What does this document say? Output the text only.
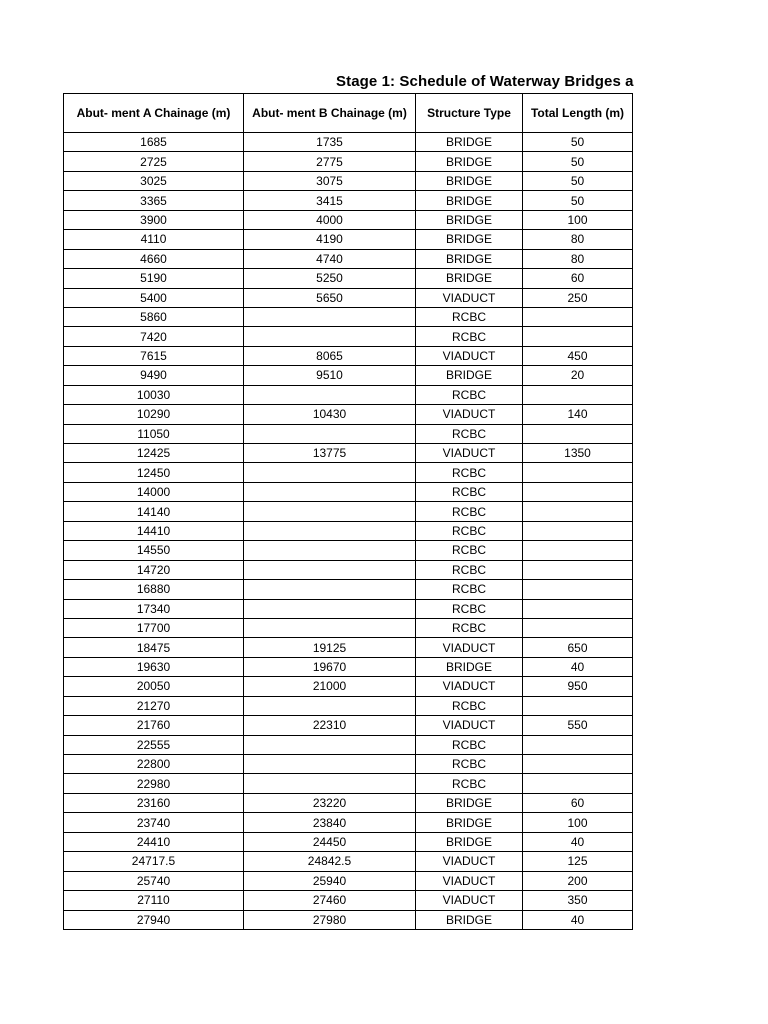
Stage 1: Schedule of Waterway Bridges a
Abut- ment A Chainage (m)	Abut- ment B Chainage (m)	Structure Type	Total Length (m)
1685	1735	BRIDGE	50
2725	2775	BRIDGE	50
3025	3075	BRIDGE	50
3365	3415	BRIDGE	50
3900	4000	BRIDGE	100
4110	4190	BRIDGE	80
4660	4740	BRIDGE	80
5190	5250	BRIDGE	60
5400	5650	VIADUCT	250
5860		RCBC	
7420		RCBC	
7615	8065	VIADUCT	450
9490	9510	BRIDGE	20
10030		RCBC	
10290	10430	VIADUCT	140
11050		RCBC	
12425	13775	VIADUCT	1350
12450		RCBC	
14000		RCBC	
14140		RCBC	
14410		RCBC	
14550		RCBC	
14720		RCBC	
16880		RCBC	
17340		RCBC	
17700		RCBC	
18475	19125	VIADUCT	650
19630	19670	BRIDGE	40
20050	21000	VIADUCT	950
21270		RCBC	
21760	22310	VIADUCT	550
22555		RCBC	
22800		RCBC	
22980		RCBC	
23160	23220	BRIDGE	60
23740	23840	BRIDGE	100
24410	24450	BRIDGE	40
24717.5	24842.5	VIADUCT	125
25740	25940	VIADUCT	200
27110	27460	VIADUCT	350
27940	27980	BRIDGE	40
